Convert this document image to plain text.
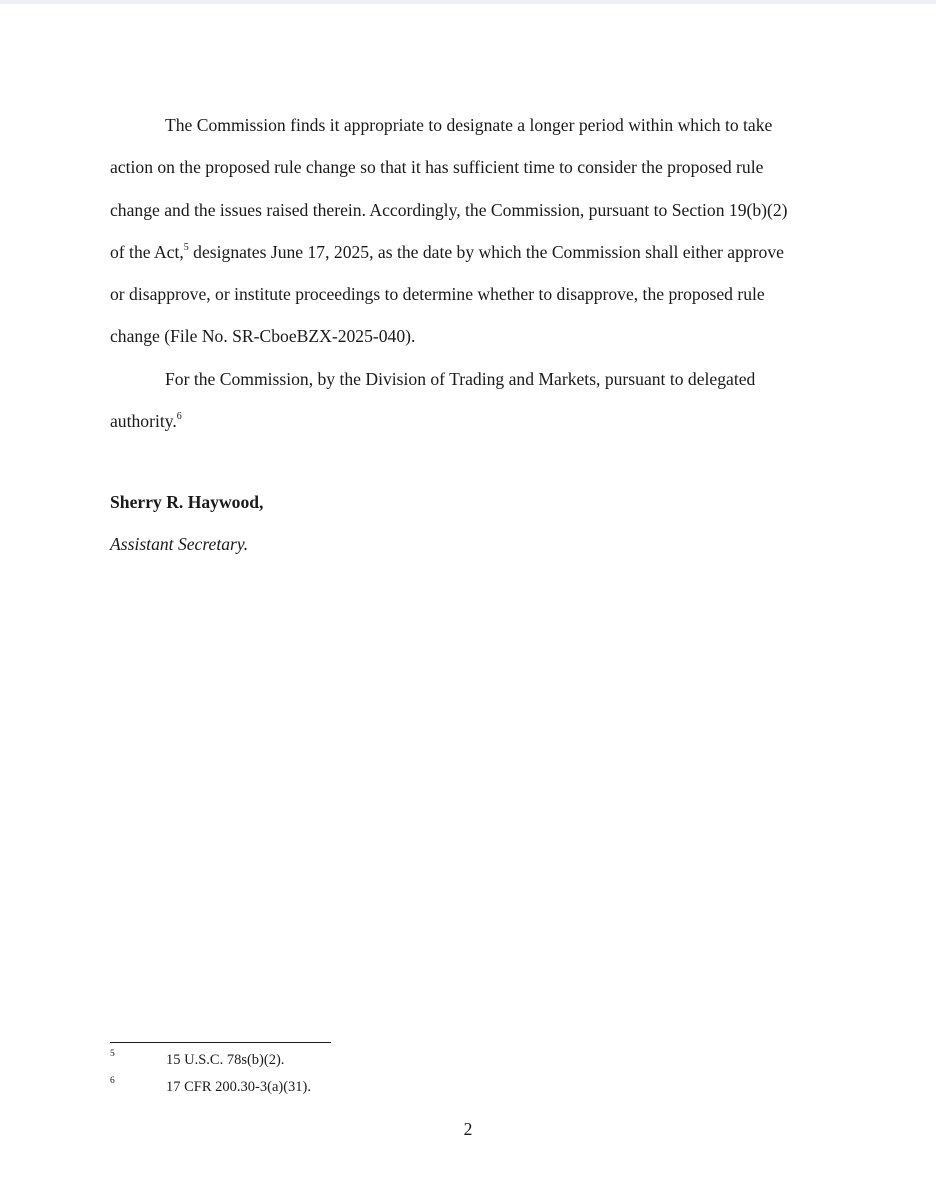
The Commission finds it appropriate to designate a longer period within which to take

action on the proposed rule change so that it has sufficient time to consider the proposed rule

change and the issues raised therein. Accordingly, the Commission, pursuant to Section 19(b)(2)

of the Act,$^5$ designates June 17, 2025, as the date by which the Commission shall either approve

or disapprove, or institute proceedings to determine whether to disapprove, the proposed rule

change (File No. SR-CboeBZX-2025-040).

For the Commission, by the Division of Trading and Markets, pursuant to delegated

authority.$^6$

Sherry R. Haywood,
Assistant Secretary.
5	15 U.S.C. 78s(b)(2).
6	17 CFR 200.30-3(a)(31).
2
